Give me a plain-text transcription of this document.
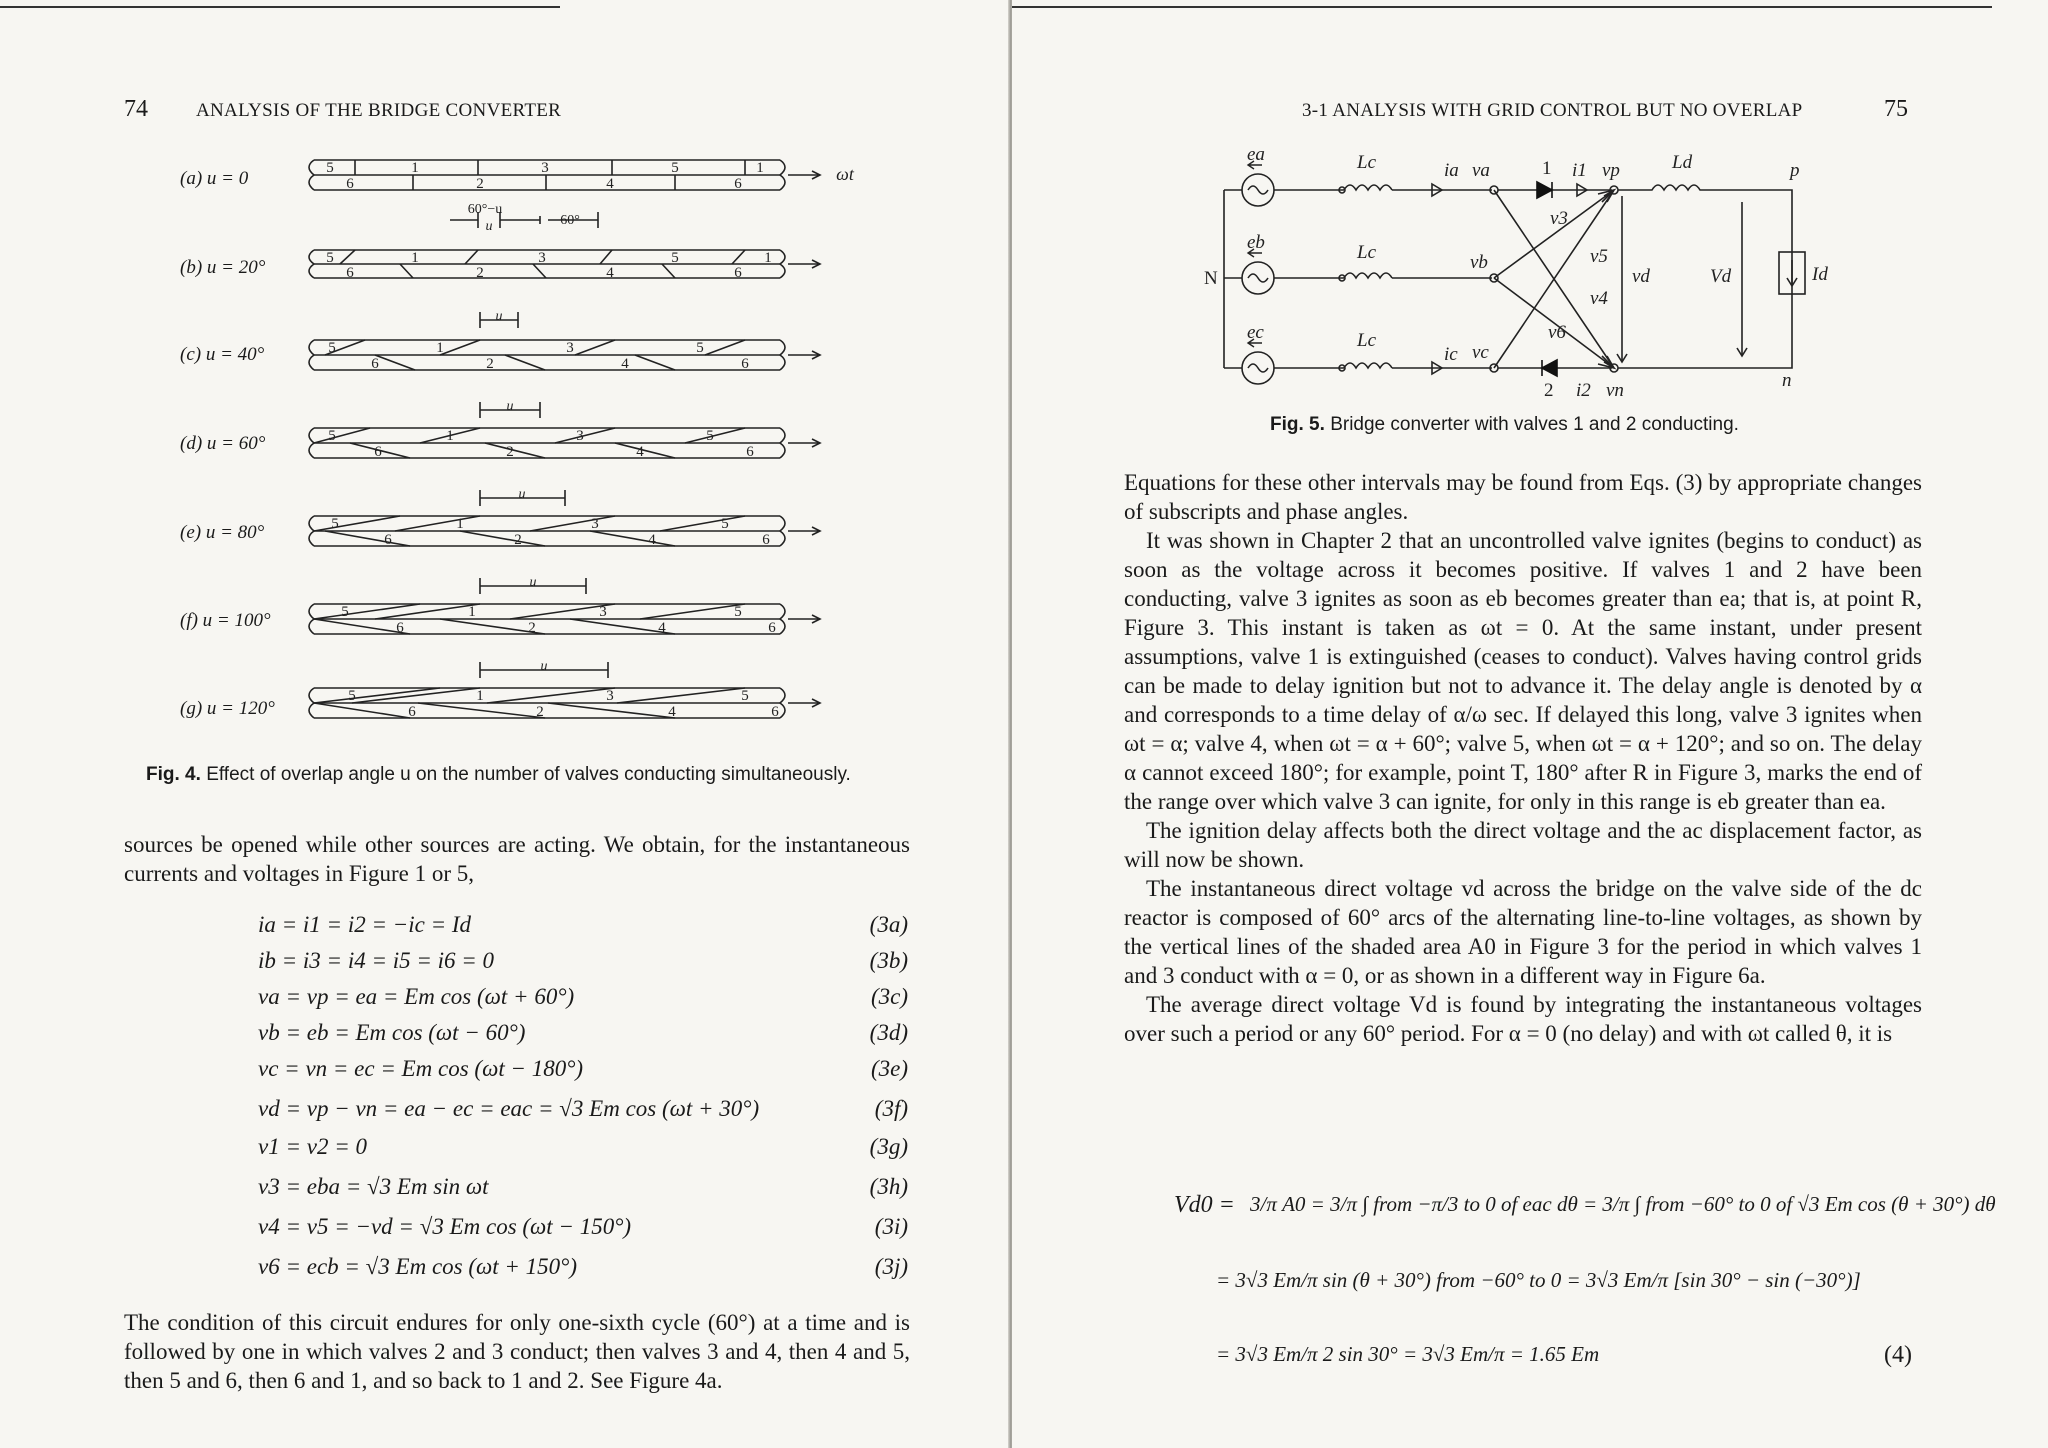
74	ANALYSIS OF THE BRIDGE CONVERTER
(a) u = 0
(b) u = 20°
(c) u = 40°
(d) u = 60°
(e) u = 80°
(f) u = 100°
(g) u = 120°
5	1	3	5	1
6	2	4	6
5	1	3	5	1
6	2	4	6
5	1	3	5
6	2	4	6
5	1	3	5
6	2	4	6
5	1	3	5
6	2	4	6
5	1	3	5
6	2	4	6
5	1	3	5
6	2	4	6
ωt
60°−u
u	60°
u
u
u
u
u
Fig. 4. Effect of overlap angle u on the number of valves conducting simultaneously.

sources be opened while other sources are acting. We obtain, for the instantaneous currents and voltages in Figure 1 or 5,

ia = i1 = i2 = −ic = Id	(3a)
ib = i3 = i4 = i5 = i6 = 0	(3b)
va = vp = ea = Em cos (ωt + 60°)	(3c)
vb = eb = Em cos (ωt − 60°)	(3d)
vc = vn = ec = Em cos (ωt − 180°)	(3e)
vd = vp − vn = ea − ec = eac = √3 Em cos (ωt + 30°)	(3f)
v1 = v2 = 0	(3g)
v3 = eba = √3 Em sin ωt	(3h)
v4 = v5 = −vd = √3 Em cos (ωt − 150°)	(3i)
v6 = ecb = √3 Em cos (ωt + 150°)	(3j)

The condition of this circuit endures for only one-sixth cycle (60°) at a time and is followed by one in which valves 2 and 3 conduct; then valves 3 and 4, then 4 and 5, then 5 and 6, then 6 and 1, and so back to 1 and 2. See Figure 4a.

3-1 ANALYSIS WITH GRID CONTROL BUT NO OVERLAP	75
ea
eb
ec
Lc
Lc
Lc
N
ia va
vb
ic vc
1 i1 vp	Ld	p
v3
v5
v4
v6
vd	Vd	Id
2 i2 vn	n
Fig. 5. Bridge converter with valves 1 and 2 conducting.

Equations for these other intervals may be found from Eqs. (3) by appropriate changes of subscripts and phase angles.

It was shown in Chapter 2 that an uncontrolled valve ignites (begins to conduct) as soon as the voltage across it becomes positive. If valves 1 and 2 have been conducting, valve 3 ignites as soon as eb becomes greater than ea; that is, at point R, Figure 3. This instant is taken as ωt = 0. At the same instant, under present assumptions, valve 1 is extinguished (ceases to conduct). Valves having control grids can be made to delay ignition but not to advance it. The delay angle is denoted by α and corresponds to a time delay of α/ω sec. If delayed this long, valve 3 ignites when ωt = α; valve 4, when ωt = α + 60°; valve 5, when ωt = α + 120°; and so on. The delay α cannot exceed 180°; for example, point T, 180° after R in Figure 3, marks the end of the range over which valve 3 can ignite, for only in this range is eb greater than ea.

The ignition delay affects both the direct voltage and the ac displacement factor, as will now be shown.

The instantaneous direct voltage vd across the bridge on the valve side of the dc reactor is composed of 60° arcs of the alternating line-to-line voltages, as shown by the vertical lines of the shaded area A0 in Figure 3 for the period in which valves 1 and 3 conduct with α = 0, or as shown in a different way in Figure 6a.

The average direct voltage Vd is found by integrating the instantaneous voltages over such a period or any 60° period. For α = 0 (no delay) and with ωt called θ, it is

Vd0 = 3/π A0 = 3/π ∫ from −π/3 to 0 of eac dθ = 3/π ∫ from −60° to 0 of √3 Em cos (θ + 30°) dθ
= 3√3 Em/π sin (θ + 30°) from −60° to 0 = 3√3 Em/π [sin 30° − sin (−30°)]
= 3√3 Em/π 2 sin 30° = 3√3 Em/π = 1.65 Em	(4)
